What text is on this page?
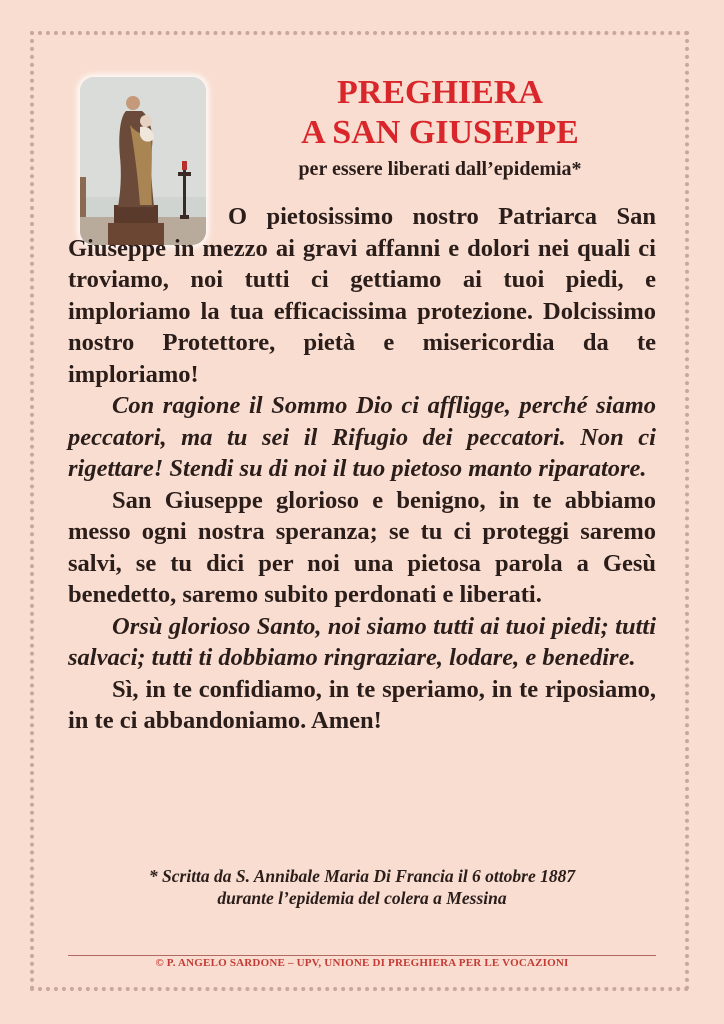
PREGHIERA
A SAN GIUSEPPE

per essere liberati dall’epidemia*

O pietosissimo nostro Patriarca San Giuseppe in mezzo ai gravi affanni e dolori nei quali ci troviamo, noi tutti ci gettiamo ai tuoi piedi, e imploriamo la tua efficacissima protezione. Dolcissimo nostro Protettore, pietà e misericordia da te imploriamo!

Con ragione il Sommo Dio ci affligge, perché siamo peccatori, ma tu sei il Rifugio dei peccatori. Non ci rigettare! Stendi su di noi il tuo pietoso manto riparatore.

San Giuseppe glorioso e benigno, in te abbiamo messo ogni nostra speranza; se tu ci proteggi saremo salvi, se tu dici per noi una pietosa parola a Gesù benedetto, saremo subito perdonati e liberati.

Orsù glorioso Santo, noi siamo tutti ai tuoi piedi; tutti salvaci; tutti ti dobbiamo ringraziare, lodare, e benedire.

Sì, in te confidiamo, in te speriamo, in te riposiamo, in te ci abbandoniamo. Amen!

* Scritta da S. Annibale Maria Di Francia il 6 ottobre 1887
durante l’epidemia del colera a Messina

© P. ANGELO SARDONE – UPV, UNIONE DI PREGHIERA PER LE VOCAZIONI
